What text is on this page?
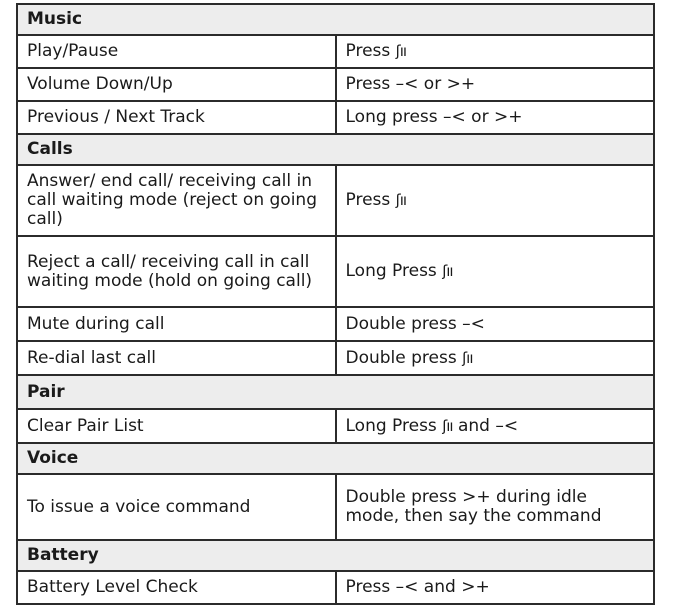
Music	
Play/Pause	Press ʃıı
Volume Down/Up	Press –< or >+
Previous / Next Track	Long press –< or >+
Calls	
Answer/ end call/ receiving call in call waiting mode (reject on going call)	Press ʃıı
Reject a call/ receiving call in call waiting mode (hold on going call)	Long Press ʃıı
Mute during call	Double press –<
Re-dial last call	Double press ʃıı
Pair	
Clear Pair List	Long Press ʃıı and –<
Voice	
To issue a voice command	Double press >+ during idle mode, then say the command
Battery	
Battery Level Check	Press –< and >+
